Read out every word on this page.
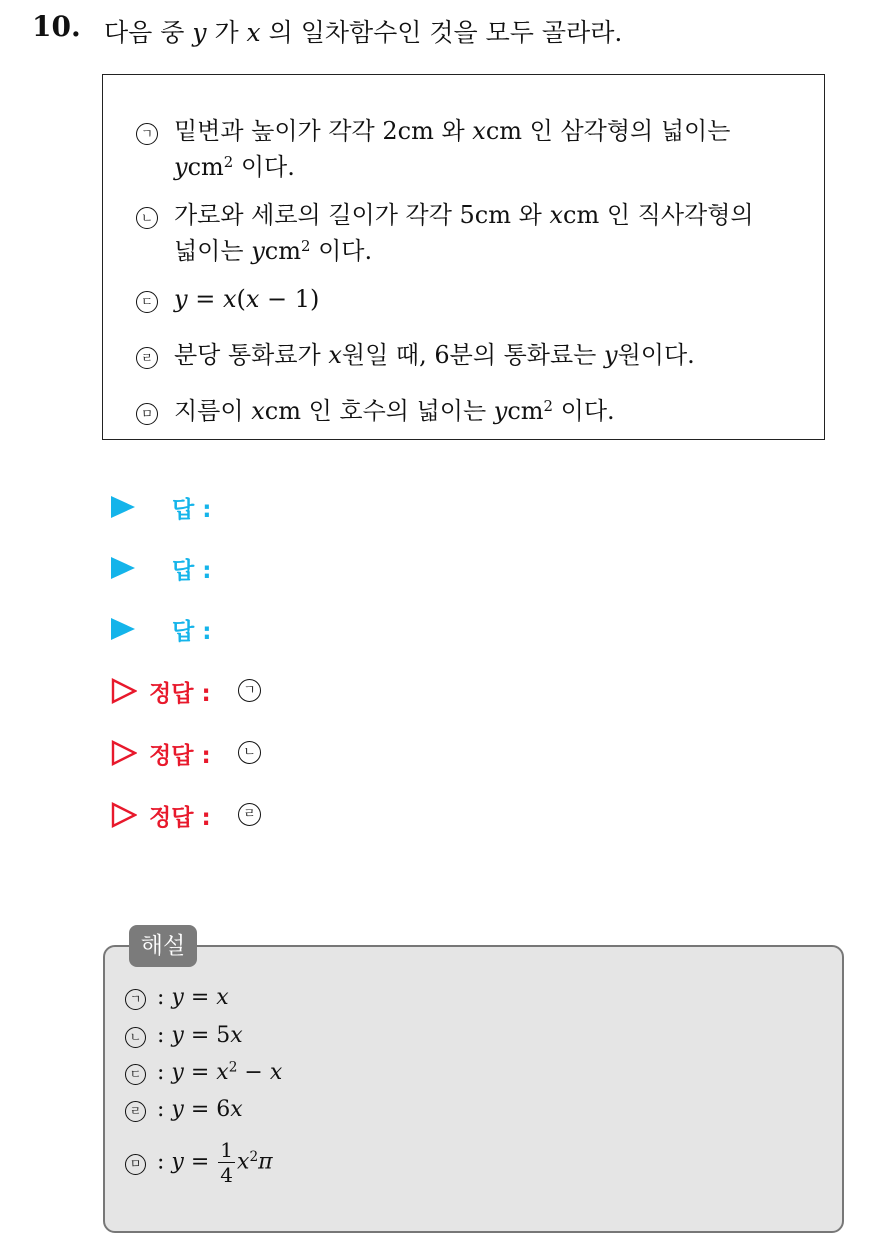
10. 다음 중 y 가 x 의 일차함수인 것을 모두 골라라.
ㄱ 밑변과 높이가 각각 2cm 와 xcm 인 삼각형의 넓이는
ycm$^2$ 이다.
ㄴ 가로와 세로의 길이가 각각 5cm 와 xcm 인 직사각형의
넓이는 ycm$^2$ 이다.
ㄷ y = x(x − 1)
ㄹ 분당 통화료가 x원일 때, 6분의 통화료는 y원이다.
ㅁ 지름이 xcm 인 호수의 넓이는 ycm$^2$ 이다.
답 :
답 :
답 :
정답 :	ㄱ
정답 :	ㄴ
정답 :	ㄹ
해설
ㄱ : y = x
ㄴ : y = 5x
ㄷ : $y = x^2 - x$
ㄹ : y = 6x
ㅁ : $y = \frac{1}{4} x^2\pi$
